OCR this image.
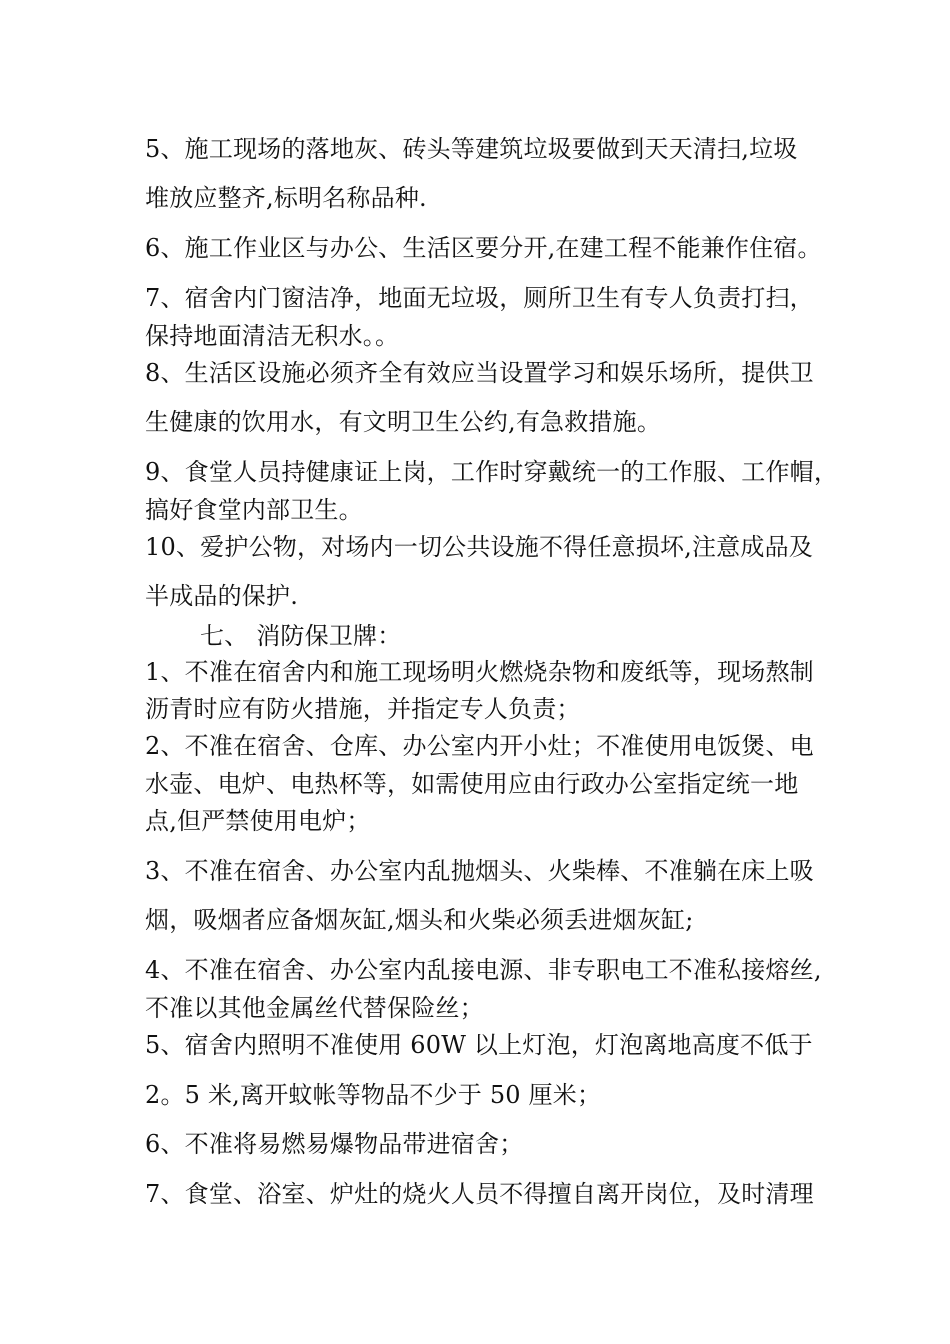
5、施工现场的落地灰、砖头等建筑垃圾要做到天天清扫,垃圾
堆放应整齐,标明名称品种.
6、施工作业区与办公、生活区要分开,在建工程不能兼作住宿。
7、宿舍内门窗洁净，地面无垃圾，厕所卫生有专人负责打扫，
保持地面清洁无积水。。
8、生活区设施必须齐全有效应当设置学习和娱乐场所，提供卫
生健康的饮用水，有文明卫生公约,有急救措施。
9、食堂人员持健康证上岗，工作时穿戴统一的工作服、工作帽，
搞好食堂内部卫生。
10、爱护公物，对场内一切公共设施不得任意损坏,注意成品及
半成品的保护.
七、 消防保卫牌：
1、不准在宿舍内和施工现场明火燃烧杂物和废纸等，现场熬制
沥青时应有防火措施，并指定专人负责；
2、不准在宿舍、仓库、办公室内开小灶；不准使用电饭煲、电
水壶、电炉、电热杯等，如需使用应由行政办公室指定统一地
点,但严禁使用电炉；
3、不准在宿舍、办公室内乱抛烟头、火柴棒、不准躺在床上吸
烟，吸烟者应备烟灰缸,烟头和火柴必须丢进烟灰缸;
4、不准在宿舍、办公室内乱接电源、非专职电工不准私接熔丝,
不准以其他金属丝代替保险丝；
5、宿舍内照明不准使用 60W 以上灯泡，灯泡离地高度不低于
2。5 米,离开蚊帐等物品不少于 50 厘米；
6、不准将易燃易爆物品带进宿舍；
7、食堂、浴室、炉灶的烧火人员不得擅自离开岗位，及时清理
